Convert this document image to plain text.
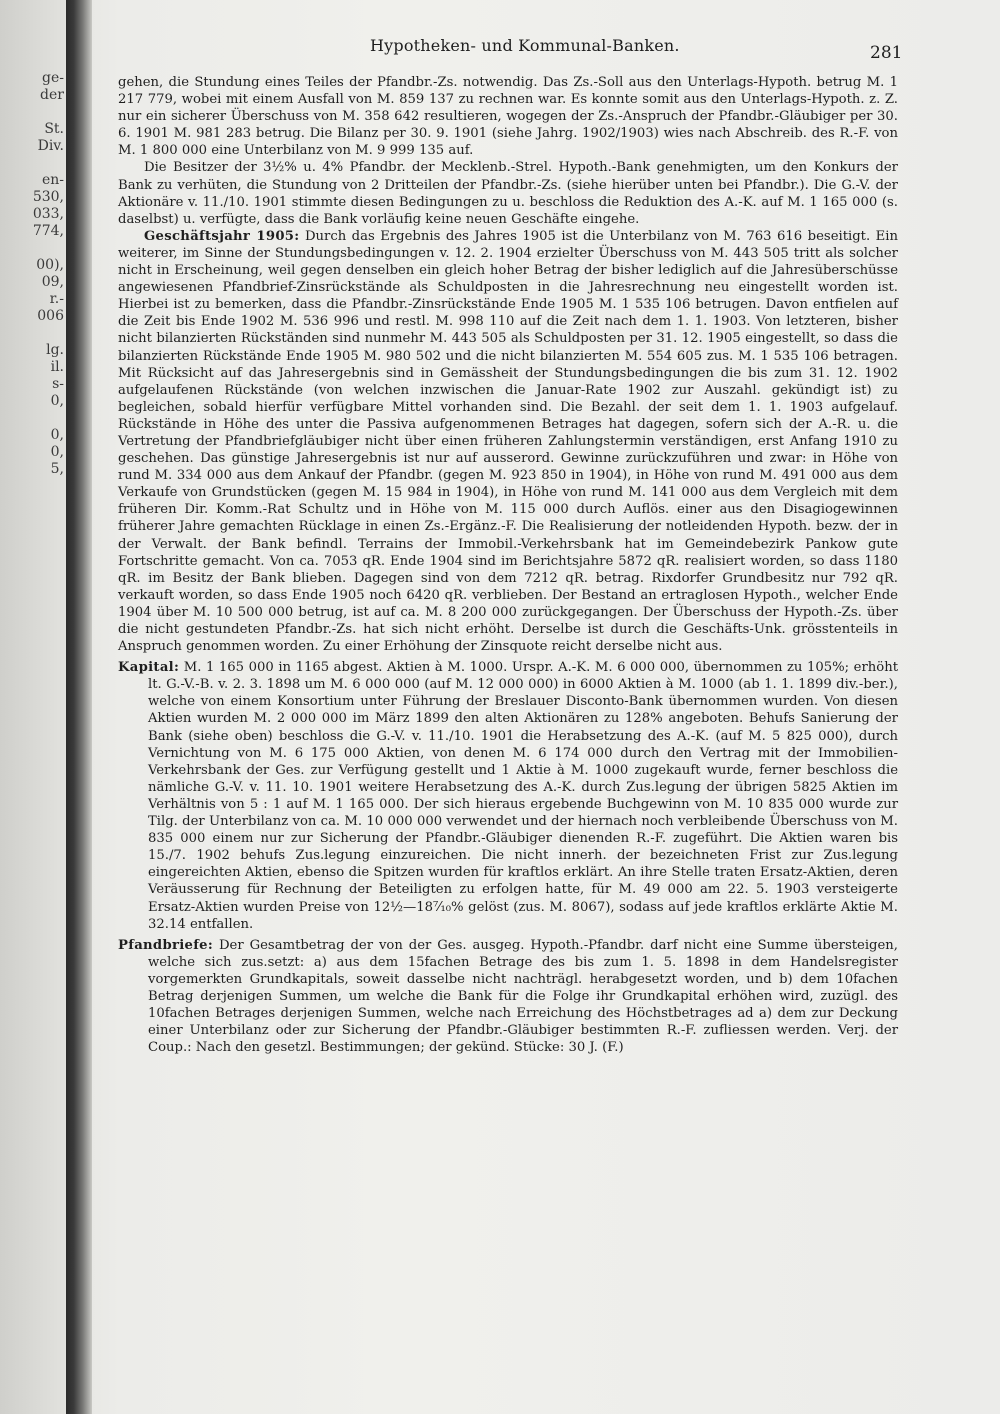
ge-
der

St.
Div.

en-
530,
033,
774,

00),
09,
r.-
006

lg.
il.
s-
0,

0,
0,
5,

Hypotheken- und Kommunal-Banken.	281

gehen, die Stundung eines Teiles der Pfandbr.-Zs. notwendig. Das Zs.-Soll aus den Unterlags-Hypoth. betrug M. 1 217 779, wobei mit einem Ausfall von M. 859 137 zu rechnen war. Es konnte somit aus den Unterlags-Hypoth. z. Z. nur ein sicherer Überschuss von M. 358 642 resultieren, wogegen der Zs.-Anspruch der Pfandbr.-Gläubiger per 30. 6. 1901 M. 981 283 betrug. Die Bilanz per 30. 9. 1901 (siehe Jahrg. 1902/1903) wies nach Abschreib. des R.-F. von M. 1 800 000 eine Unterbilanz von M. 9 999 135 auf.

Die Besitzer der 3½% u. 4% Pfandbr. der Mecklenb.-Strel. Hypoth.-Bank genehmigten, um den Konkurs der Bank zu verhüten, die Stundung von 2 Dritteilen der Pfandbr.-Zs. (siehe hierüber unten bei Pfandbr.). Die G.-V. der Aktionäre v. 11./10. 1901 stimmte diesen Bedingungen zu u. beschloss die Reduktion des A.-K. auf M. 1 165 000 (s. daselbst) u. verfügte, dass die Bank vorläufig keine neuen Geschäfte eingehe.

Geschäftsjahr 1905: Durch das Ergebnis des Jahres 1905 ist die Unterbilanz von M. 763 616 beseitigt. Ein weiterer, im Sinne der Stundungsbedingungen v. 12. 2. 1904 erzielter Überschuss von M. 443 505 tritt als solcher nicht in Erscheinung, weil gegen denselben ein gleich hoher Betrag der bisher lediglich auf die Jahresüberschüsse angewiesenen Pfandbrief-Zinsrückstände als Schuldposten in die Jahresrechnung neu eingestellt worden ist. Hierbei ist zu bemerken, dass die Pfandbr.-Zinsrückstände Ende 1905 M. 1 535 106 betrugen. Davon entfielen auf die Zeit bis Ende 1902 M. 536 996 und restl. M. 998 110 auf die Zeit nach dem 1. 1. 1903. Von letzteren, bisher nicht bilanzierten Rückständen sind nunmehr M. 443 505 als Schuldposten per 31. 12. 1905 eingestellt, so dass die bilanzierten Rückstände Ende 1905 M. 980 502 und die nicht bilanzierten M. 554 605 zus. M. 1 535 106 betragen. Mit Rücksicht auf das Jahresergebnis sind in Gemässheit der Stundungsbedingungen die bis zum 31. 12. 1902 aufgelaufenen Rückstände (von welchen inzwischen die Januar-Rate 1902 zur Auszahl. gekündigt ist) zu begleichen, sobald hierfür verfügbare Mittel vorhanden sind. Die Bezahl. der seit dem 1. 1. 1903 aufgelauf. Rückstände in Höhe des unter die Passiva aufgenommenen Betrages hat dagegen, sofern sich der A.-R. u. die Vertretung der Pfandbriefgläubiger nicht über einen früheren Zahlungstermin verständigen, erst Anfang 1910 zu geschehen. Das günstige Jahresergebnis ist nur auf ausserord. Gewinne zurückzuführen und zwar: in Höhe von rund M. 334 000 aus dem Ankauf der Pfandbr. (gegen M. 923 850 in 1904), in Höhe von rund M. 491 000 aus dem Verkaufe von Grundstücken (gegen M. 15 984 in 1904), in Höhe von rund M. 141 000 aus dem Vergleich mit dem früheren Dir. Komm.-Rat Schultz und in Höhe von M. 115 000 durch Auflös. einer aus den Disagiogewinnen früherer Jahre gemachten Rücklage in einen Zs.-Ergänz.-F. Die Realisierung der notleidenden Hypoth. bezw. der in der Verwalt. der Bank befindl. Terrains der Immobil.-Verkehrsbank hat im Gemeindebezirk Pankow gute Fortschritte gemacht. Von ca. 7053 qR. Ende 1904 sind im Berichtsjahre 5872 qR. realisiert worden, so dass 1180 qR. im Besitz der Bank blieben. Dagegen sind von dem 7212 qR. betrag. Rixdorfer Grundbesitz nur 792 qR. verkauft worden, so dass Ende 1905 noch 6420 qR. verblieben. Der Bestand an ertraglosen Hypoth., welcher Ende 1904 über M. 10 500 000 betrug, ist auf ca. M. 8 200 000 zurückgegangen. Der Überschuss der Hypoth.-Zs. über die nicht gestundeten Pfandbr.-Zs. hat sich nicht erhöht. Derselbe ist durch die Geschäfts-Unk. grösstenteils in Anspruch genommen worden. Zu einer Erhöhung der Zinsquote reicht derselbe nicht aus.

Kapital: M. 1 165 000 in 1165 abgest. Aktien à M. 1000. Urspr. A.-K. M. 6 000 000, übernommen zu 105%; erhöht lt. G.-V.-B. v. 2. 3. 1898 um M. 6 000 000 (auf M. 12 000 000) in 6000 Aktien à M. 1000 (ab 1. 1. 1899 div.-ber.), welche von einem Konsortium unter Führung der Breslauer Disconto-Bank übernommen wurden. Von diesen Aktien wurden M. 2 000 000 im März 1899 den alten Aktionären zu 128% angeboten. Behufs Sanierung der Bank (siehe oben) beschloss die G.-V. v. 11./10. 1901 die Herabsetzung des A.-K. (auf M. 5 825 000), durch Vernichtung von M. 6 175 000 Aktien, von denen M. 6 174 000 durch den Vertrag mit der Immobilien-Verkehrsbank der Ges. zur Verfügung gestellt und 1 Aktie à M. 1000 zugekauft wurde, ferner beschloss die nämliche G.-V. v. 11. 10. 1901 weitere Herabsetzung des A.-K. durch Zus.legung der übrigen 5825 Aktien im Verhältnis von 5 : 1 auf M. 1 165 000. Der sich hieraus ergebende Buchgewinn von M. 10 835 000 wurde zur Tilg. der Unterbilanz von ca. M. 10 000 000 verwendet und der hiernach noch verbleibende Überschuss von M. 835 000 einem nur zur Sicherung der Pfandbr.-Gläubiger dienenden R.-F. zugeführt. Die Aktien waren bis 15./7. 1902 behufs Zus.legung einzureichen. Die nicht innerh. der bezeichneten Frist zur Zus.legung eingereichten Aktien, ebenso die Spitzen wurden für kraftlos erklärt. An ihre Stelle traten Ersatz-Aktien, deren Veräusserung für Rechnung der Beteiligten zu erfolgen hatte, für M. 49 000 am 22. 5. 1903 versteigerte Ersatz-Aktien wurden Preise von 12½—18⁷⁄₁₀% gelöst (zus. M. 8067), sodass auf jede kraftlos erklärte Aktie M. 32.14 entfallen.

Pfandbriefe: Der Gesamtbetrag der von der Ges. ausgeg. Hypoth.-Pfandbr. darf nicht eine Summe übersteigen, welche sich zus.setzt: a) aus dem 15fachen Betrage des bis zum 1. 5. 1898 in dem Handelsregister vorgemerkten Grundkapitals, soweit dasselbe nicht nachträgl. herabgesetzt worden, und b) dem 10fachen Betrag derjenigen Summen, um welche die Bank für die Folge ihr Grundkapital erhöhen wird, zuzügl. des 10fachen Betrages derjenigen Summen, welche nach Erreichung des Höchstbetrages ad a) dem zur Deckung einer Unterbilanz oder zur Sicherung der Pfandbr.-Gläubiger bestimmten R.-F. zufliessen werden. Verj. der Coup.: Nach den gesetzl. Bestimmungen; der gekünd. Stücke: 30 J. (F.)
